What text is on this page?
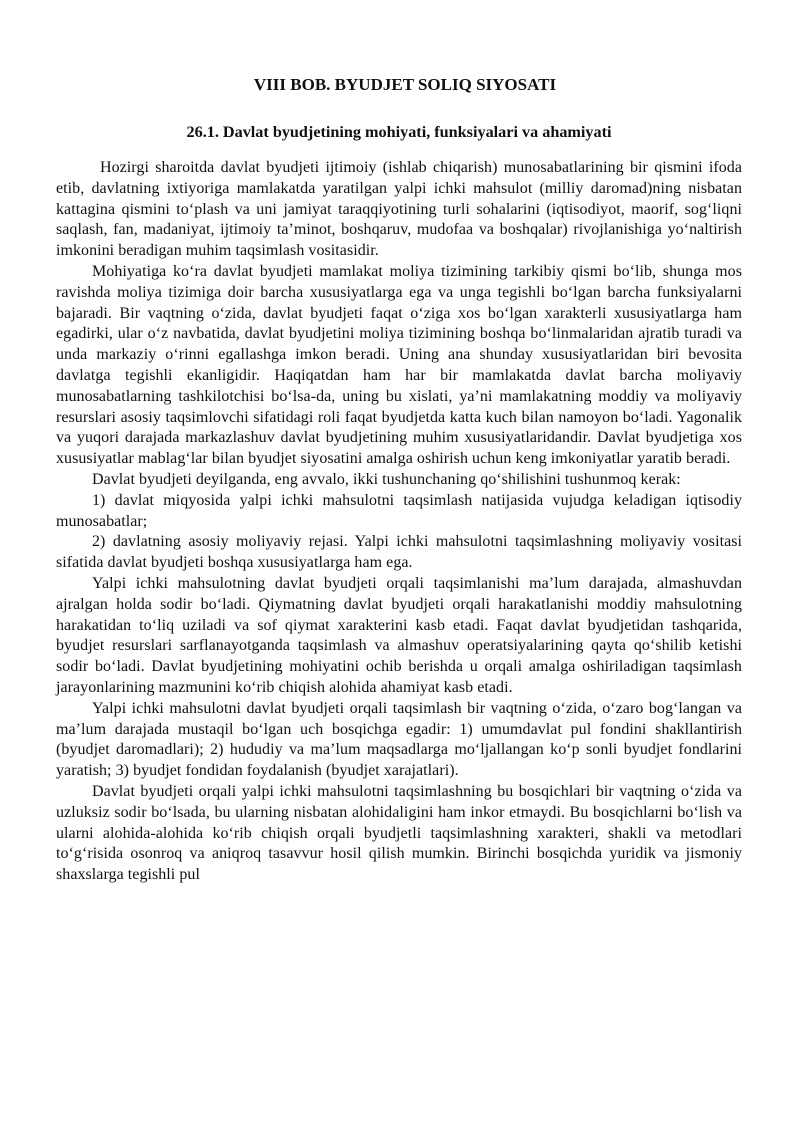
VIII BOB. BYUDJET SOLIQ SIYOSATI
26.1. Davlat byudjetining mohiyati, funksiyalari va ahamiyati

Hozirgi sharoitda davlat byudjeti ijtimoiy (ishlab chiqarish) munosabatlarining bir qismini ifoda etib, davlatning ixtiyoriga mamlakatda yaratilgan yalpi ichki mahsulot (milliy daromad)ning nisbatan kattagina qismini to‘plash va uni jamiyat taraqqiyotining turli sohalarini (iqtisodiyot, maorif, sog‘liqni saqlash, fan, madaniyat, ijtimoiy ta’minot, boshqaruv, mudofaa va boshqalar) rivojlanishiga yo‘naltirish imkonini beradigan muhim taqsimlash vositasidir.

Mohiyatiga ko‘ra davlat byudjeti mamlakat moliya tizimining tarkibiy qismi bo‘lib, shunga mos ravishda moliya tizimiga doir barcha xususiyatlarga ega va unga tegishli bo‘lgan barcha funksiyalarni bajaradi. Bir vaqtning o‘zida, davlat byudjeti faqat o‘ziga xos bo‘lgan xarakterli xususiyatlarga ham egadirki, ular o‘z navbatida, davlat byudjetini moliya tizimining boshqa bo‘linmalaridan ajratib turadi va unda markaziy o‘rinni egallashga imkon beradi. Uning ana shunday xususiyatlaridan biri bevosita davlatga tegishli ekanligidir. Haqiqatdan ham har bir mamlakatda davlat barcha moliyaviy munosabatlarning tashkilotchisi bo‘lsa-da, uning bu xislati, ya’ni mamlakatning moddiy va moliyaviy resurslari asosiy taqsimlovchi sifatidagi roli faqat byudjetda katta kuch bilan namoyon bo‘ladi. Yagonalik va yuqori darajada markazlashuv davlat byudjetining muhim xususiyatlaridandir. Davlat byudjetiga xos xususiyatlar mablag‘lar bilan byudjet siyosatini amalga oshirish uchun keng imkoniyatlar yaratib beradi.

Davlat byudjeti deyilganda, eng avvalo, ikki tushunchaning qo‘shilishini tushunmoq kerak:

1) davlat miqyosida yalpi ichki mahsulotni taqsimlash natijasida vujudga keladigan iqtisodiy munosabatlar;

2) davlatning asosiy moliyaviy rejasi. Yalpi ichki mahsulotni taqsimlashning moliyaviy vositasi sifatida davlat byudjeti boshqa xususiyatlarga ham ega.

Yalpi ichki mahsulotning davlat byudjeti orqali taqsimlanishi ma’lum darajada, almashuvdan ajralgan holda sodir bo‘ladi. Qiymatning davlat byudjeti orqali harakatlanishi moddiy mahsulotning harakatidan to‘liq uziladi va sof qiymat xarakterini kasb etadi. Faqat davlat byudjetidan tashqarida, byudjet resurslari sarflanayotganda taqsimlash va almashuv operatsiyalarining qayta qo‘shilib ketishi sodir bo‘ladi. Davlat byudjetining mohiyatini ochib berishda u orqali amalga oshiriladigan taqsimlash jarayonlarining mazmunini ko‘rib chiqish alohida ahamiyat kasb etadi.

Yalpi ichki mahsulotni davlat byudjeti orqali taqsimlash bir vaqtning o‘zida, o‘zaro bog‘langan va ma’lum darajada mustaqil bo‘lgan uch bosqichga egadir: 1) umumdavlat pul fondini shakllantirish (byudjet daromadlari); 2) hududiy va ma’lum maqsadlarga mo‘ljallangan ko‘p sonli byudjet fondlarini yaratish; 3) byudjet fondidan foydalanish (byudjet xarajatlari).

Davlat byudjeti orqali yalpi ichki mahsulotni taqsimlashning bu bosqichlari bir vaqtning o‘zida va uzluksiz sodir bo‘lsada, bu ularning nisbatan alohidaligini ham inkor etmaydi. Bu bosqichlarni bo‘lish va ularni alohida-alohida ko‘rib chiqish orqali byudjetli taqsimlashning xarakteri, shakli va metodlari to‘g‘risida osonroq va aniqroq tasavvur hosil qilish mumkin. Birinchi bosqichda yuridik va jismoniy shaxslarga tegishli pul
